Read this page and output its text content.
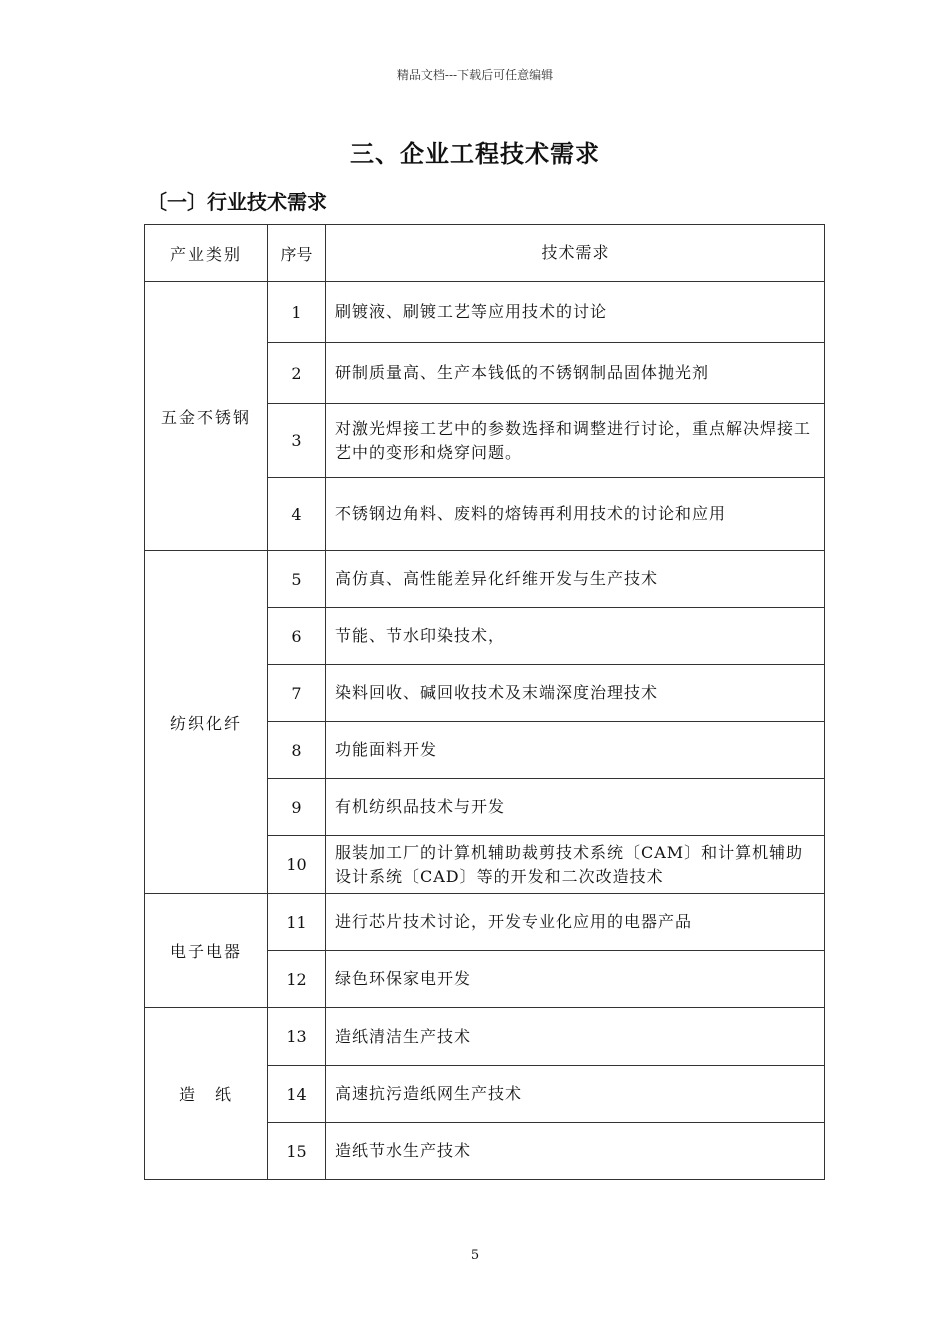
精品文档---下载后可任意编辑
三、企业工程技术需求
〔一〕行业技术需求
产业类别	序号	技术需求
五金不锈钢	1	刷镀液、刷镀工艺等应用技术的讨论
	2	研制质量高、生产本钱低的不锈钢制品固体抛光剂
	3	对激光焊接工艺中的参数选择和调整进行讨论，重点解决焊接工艺中的变形和烧穿问题。
	4	不锈钢边角料、废料的熔铸再利用技术的讨论和应用
纺织化纤	5	高仿真、高性能差异化纤维开发与生产技术
	6	节能、节水印染技术，
	7	染料回收、碱回收技术及末端深度治理技术
	8	功能面料开发
	9	有机纺织品技术与开发
	10	服装加工厂的计算机辅助裁剪技术系统〔CAM〕和计算机辅助设计系统〔CAD〕等的开发和二次改造技术
电子电器	11	进行芯片技术讨论，开发专业化应用的电器产品
	12	绿色环保家电开发
造　纸	13	造纸清洁生产技术
	14	高速抗污造纸网生产技术
	15	造纸节水生产技术
5
